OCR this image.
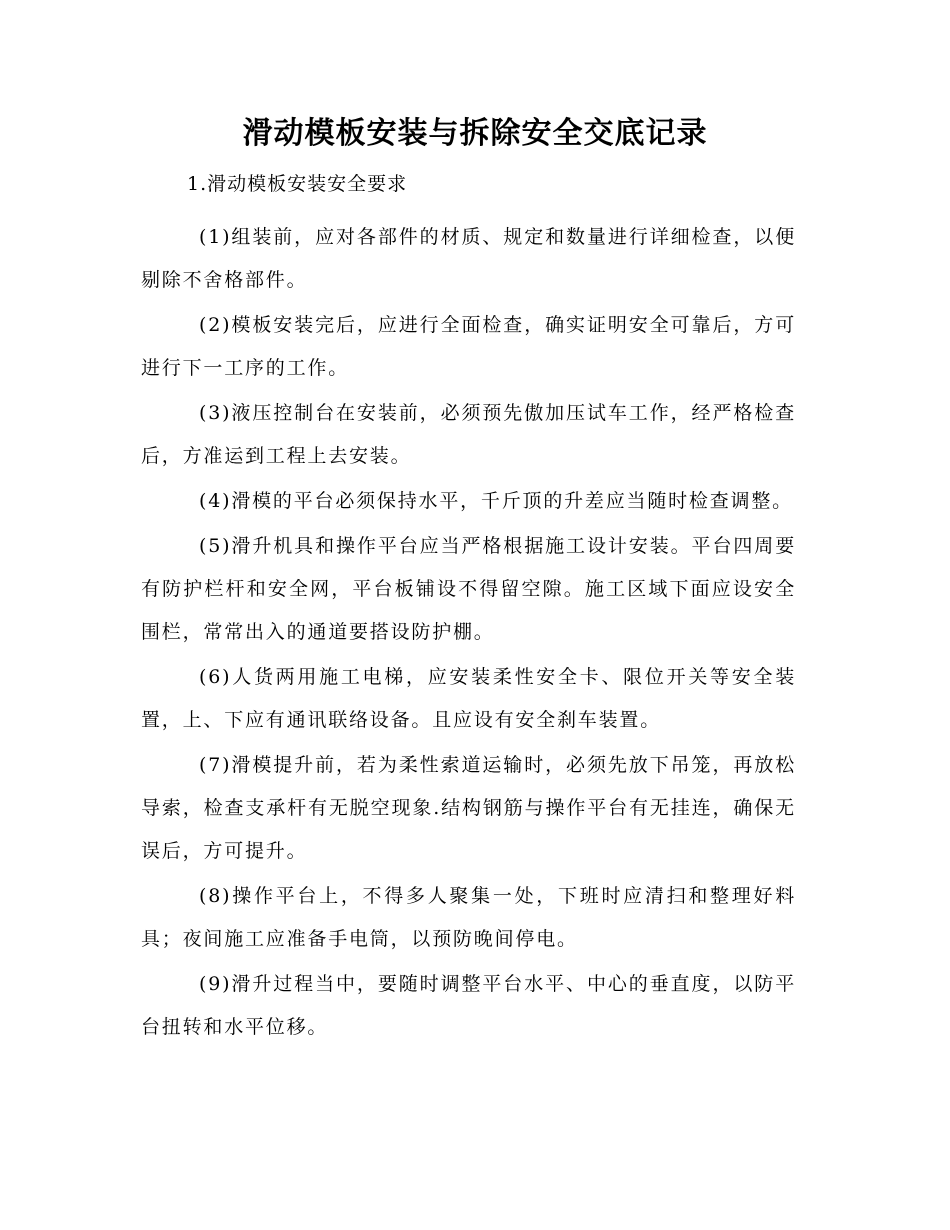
滑动模板安装与拆除安全交底记录
1.滑动模板安装安全要求

(1)组装前，应对各部件的材质、规定和数量进行详细检查，以便剔除不舍格部件。

(2)模板安装完后，应进行全面检查，确实证明安全可靠后，方可进行下一工序的工作。

(3)液压控制台在安装前，必须预先傲加压试车工作，经严格检查后，方准运到工程上去安装。

(4)滑模的平台必须保持水平，千斤顶的升差应当随时检查调整。

(5)滑升机具和操作平台应当严格根据施工设计安装。平台四周要有防护栏杆和安全网，平台板铺设不得留空隙。施工区域下面应设安全围栏，常常出入的通道要搭设防护棚。

(6)人货两用施工电梯，应安装柔性安全卡、限位开关等安全装置，上、下应有通讯联络设备。且应设有安全刹车装置。

(7)滑模提升前，若为柔性索道运输时，必须先放下吊笼，再放松导索，检查支承杆有无脱空现象.结构钢筋与操作平台有无挂连，确保无误后，方可提升。

(8)操作平台上，不得多人聚集一处，下班时应清扫和整理好料具；夜间施工应准备手电筒，以预防晚间停电。

(9)滑升过程当中，要随时调整平台水平、中心的垂直度，以防平台扭转和水平位移。
